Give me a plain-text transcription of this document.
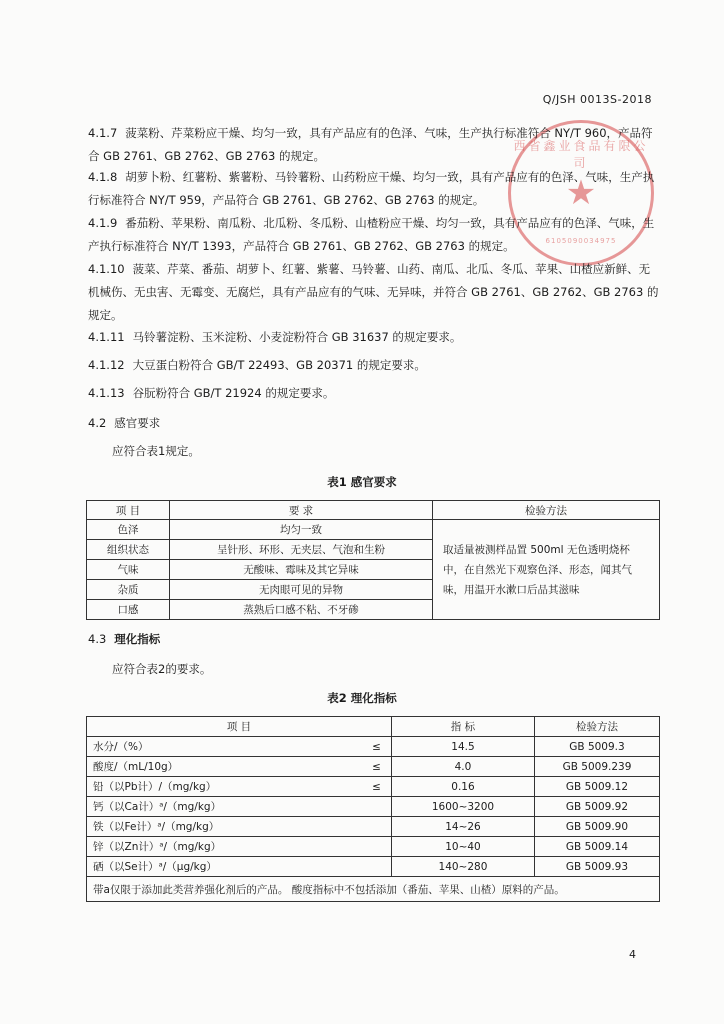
Q/JSH 0013S-2018
西省鑫业食品有限公司
★
6105090034975
4.1.7 菠菜粉、芹菜粉应干燥、均匀一致，具有产品应有的色泽、气味，生产执行标准符合 NY/T 960，产品符合 GB 2761、GB 2762、GB 2763 的规定。
4.1.8 胡萝卜粉、红薯粉、紫薯粉、马铃薯粉、山药粉应干燥、均匀一致，具有产品应有的色泽、气味，生产执行标准符合 NY/T 959，产品符合 GB 2761、GB 2762、GB 2763 的规定。
4.1.9 番茄粉、苹果粉、南瓜粉、北瓜粉、冬瓜粉、山楂粉应干燥、均匀一致，具有产品应有的色泽、气味，生产执行标准符合 NY/T 1393，产品符合 GB 2761、GB 2762、GB 2763 的规定。
4.1.10 菠菜、芹菜、番茄、胡萝卜、红薯、紫薯、马铃薯、山药、南瓜、北瓜、冬瓜、苹果、山楂应新鲜、无机械伤、无虫害、无霉变、无腐烂，具有产品应有的气味、无异味，并符合 GB 2761、GB 2762、GB 2763 的规定。
4.1.11 马铃薯淀粉、玉米淀粉、小麦淀粉符合 GB 31637 的规定要求。
4.1.12 大豆蛋白粉符合 GB/T 22493、GB 20371 的规定要求。
4.1.13 谷朊粉符合 GB/T 21924 的规定要求。
4.2 感官要求
应符合表1规定。
表1 感官要求
项 目	要 求	检验方法
色泽	均匀一致	取适量被测样品置 500ml 无色透明烧杯中，在自然光下观察色泽、形态，闻其气味，用温开水漱口后品其滋味
组织状态	呈针形、环形、无夹层、气泡和生粉	
气味	无酸味、霉味及其它异味	
杂质	无肉眼可见的异物	
口感	蒸熟后口感不粘、不牙碜	
4.3 理化指标
应符合表2的要求。
表2 理化指标
项 目		指 标	检验方法
水分/（%）	≤	14.5	GB 5009.3
酸度/（mL/10g）	≤	4.0	GB 5009.239
铅（以Pb计）/（mg/kg）	≤	0.16	GB 5009.12
钙（以Ca计）ᵃ/（mg/kg）		1600~3200	GB 5009.92
铁（以Fe计）ᵃ/（mg/kg）		14~26	GB 5009.90
锌（以Zn计）ᵃ/（mg/kg）		10~40	GB 5009.14
硒（以Se计）ᵃ/（μg/kg）		140~280	GB 5009.93
带a仅限于添加此类营养强化剂后的产品。 酸度指标中不包括添加（番茄、苹果、山楂）原料的产品。			
4
